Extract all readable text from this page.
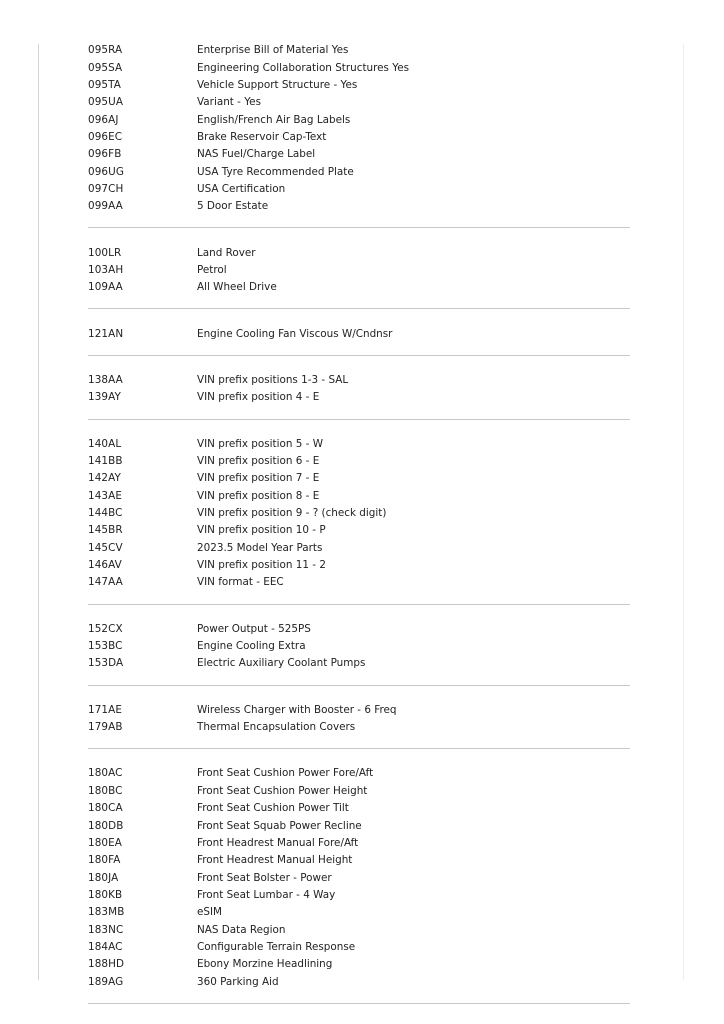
095RA	Enterprise Bill of Material Yes
095SA	Engineering Collaboration Structures Yes
095TA	Vehicle Support Structure - Yes
095UA	Variant - Yes
096AJ	English/French Air Bag Labels
096EC	Brake Reservoir Cap-Text
096FB	NAS Fuel/Charge Label
096UG	USA Tyre Recommended Plate
097CH	USA Certification
099AA	5 Door Estate
100LR	Land Rover
103AH	Petrol
109AA	All Wheel Drive
121AN	Engine Cooling Fan Viscous W/Cndnsr
138AA	VIN prefix positions 1-3 - SAL
139AY	VIN prefix position 4 - E
140AL	VIN prefix position 5 - W
141BB	VIN prefix position 6 - E
142AY	VIN prefix position 7 - E
143AE	VIN prefix position 8 - E
144BC	VIN prefix position 9 - ? (check digit)
145BR	VIN prefix position 10 - P
145CV	2023.5 Model Year Parts
146AV	VIN prefix position 11 - 2
147AA	VIN format - EEC
152CX	Power Output - 525PS
153BC	Engine Cooling Extra
153DA	Electric Auxiliary Coolant Pumps
171AE	Wireless Charger with Booster - 6 Freq
179AB	Thermal Encapsulation Covers
180AC	Front Seat Cushion Power Fore/Aft
180BC	Front Seat Cushion Power Height
180CA	Front Seat Cushion Power Tilt
180DB	Front Seat Squab Power Recline
180EA	Front Headrest Manual Fore/Aft
180FA	Front Headrest Manual Height
180JA	Front Seat Bolster - Power
180KB	Front Seat Lumbar - 4 Way
183MB	eSIM
183NC	NAS Data Region
184AC	Configurable Terrain Response
188HD	Ebony Morzine Headlining
189AG	360 Parking Aid
